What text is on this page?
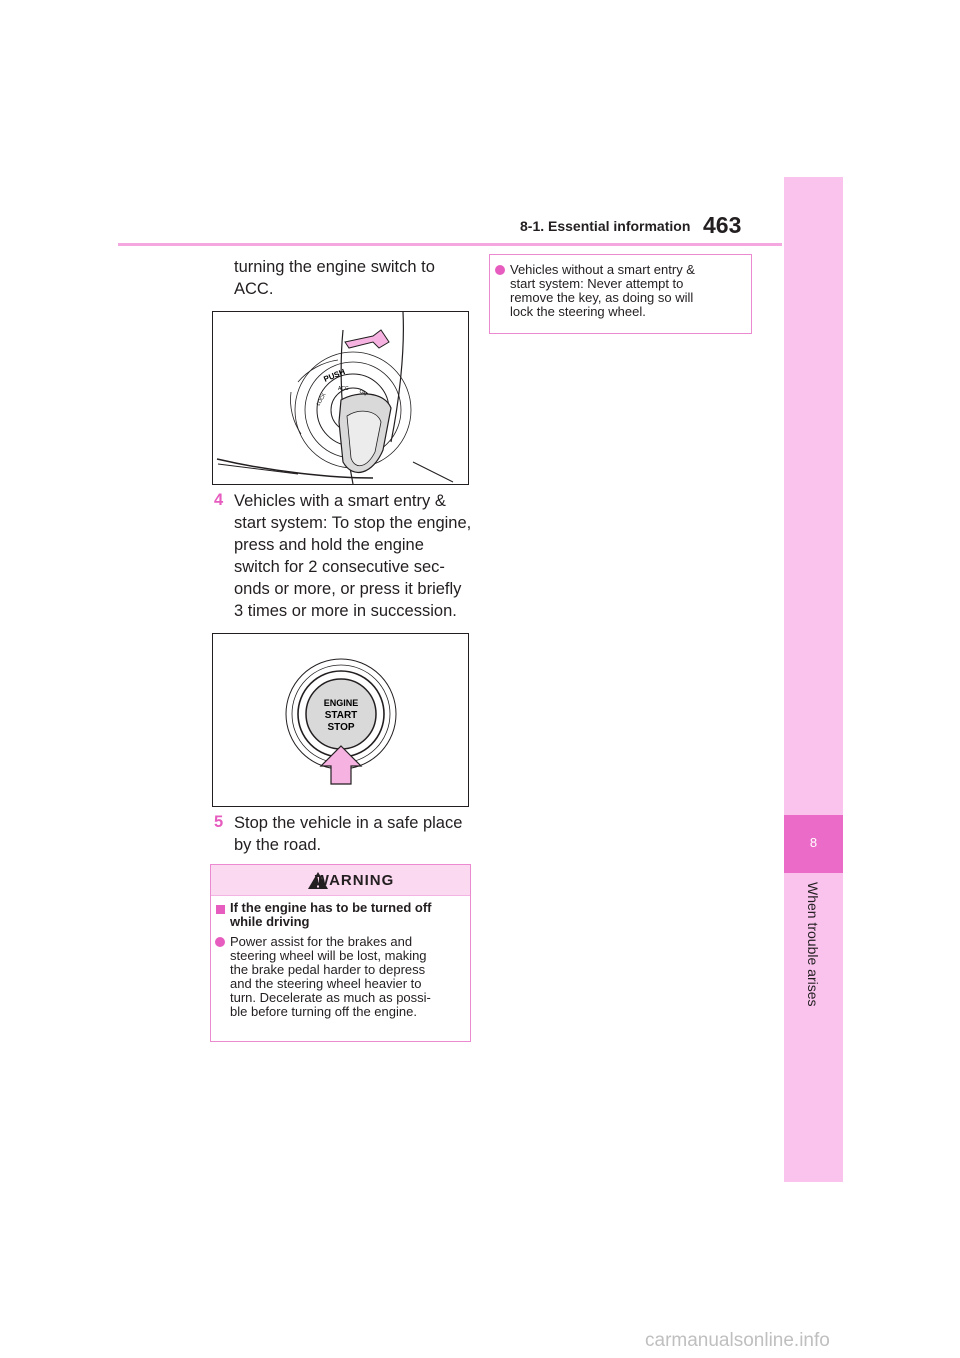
8-1. Essential information 463
8
When trouble arises
turning the engine switch to
ACC.
PUSH
LOCK
ACC ON
4 Vehicles with a smart entry &
start system: To stop the engine,
press and hold the engine
switch for 2 consecutive sec-
onds or more, or press it briefly
3 times or more in succession.
ENGINE
START
STOP
5 Stop the vehicle in a safe place
by the road.
WARNING
If the engine has to be turned off
while driving
Power assist for the brakes and
steering wheel will be lost, making
the brake pedal harder to depress
and the steering wheel heavier to
turn. Decelerate as much as possi-
ble before turning off the engine.
Vehicles without a smart entry &
start system: Never attempt to
remove the key, as doing so will
lock the steering wheel.
carmanualsonline.info
